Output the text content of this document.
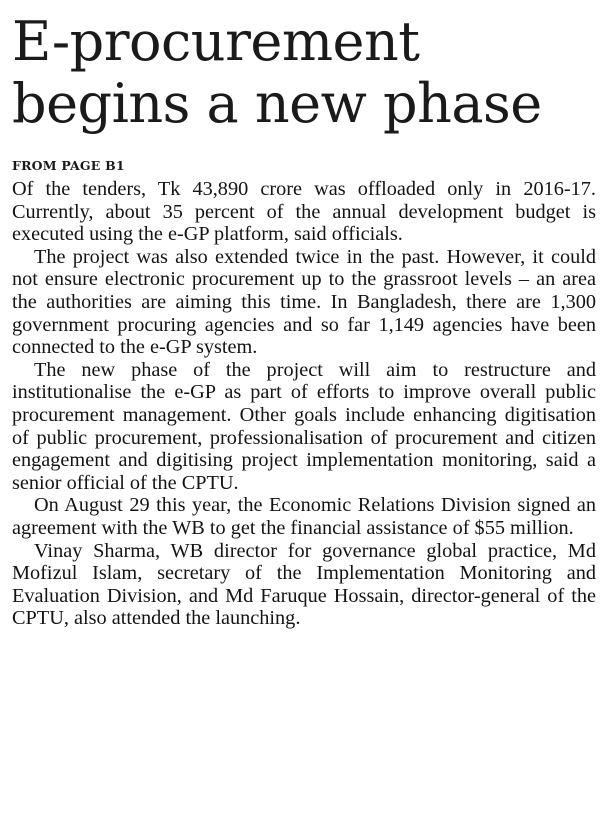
E-procurement
begins a new phase
FROM PAGE B1

Of the tenders, Tk 43,890 crore was offloaded only in 2016-17. Currently, about 35 percent of the annual development budget is executed using the e-GP platform, said officials.

The project was also extended twice in the past. However, it could not ensure electronic procurement up to the grassroot levels – an area the authorities are aiming this time. In Bangladesh, there are 1,300 government procuring agencies and so far 1,149 agencies have been connected to the e-GP system.

The new phase of the project will aim to restructure and institutionalise the e-GP as part of efforts to improve overall public procurement management. Other goals include enhancing digitisation of public procurement, professionalisation of procurement and citizen engagement and digitising project implementation monitoring, said a senior official of the CPTU.

On August 29 this year, the Economic Relations Division signed an agreement with the WB to get the financial assistance of $55 million.

Vinay Sharma, WB director for governance global practice, Md Mofizul Islam, secretary of the Implementation Monitoring and Evaluation Division, and Md Faruque Hossain, director-general of the CPTU, also attended the launching.
